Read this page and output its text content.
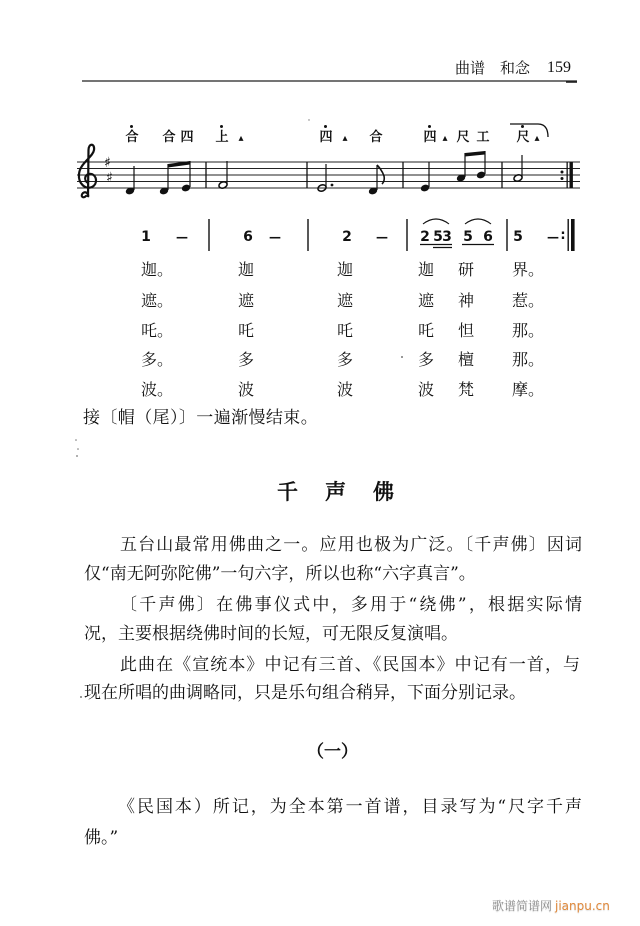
♯
♯
曲谱 和念 159
合 合 四 上 ▴	四 ▴ 合	四 ▴ 尺 工 尺 ▴
1 —	6 —	2 — 2 5 3 5 6 5 — :
迦。	迦	迦	迦 研 界。
遮。	遮	遮	遮 神 惹。
吒。	吒	吒	吒 怛 那。
多。	多	多	多 檀 那。
波。	波	波	波 梵 摩。
接〔帽（尾）〕一遍渐慢结束。
千声佛
五台山最常用佛曲之一。应用也极为广泛。〔千声佛〕因词
仅“南无阿弥陀佛”一句六字，所以也称“六字真言”。
〔千声佛〕在佛事仪式中，多用于“绕佛”，根据实际情
况，主要根据绕佛时间的长短，可无限反复演唱。
此曲在《宣统本》中记有三首、《民国本》中记有一首，与
现在所唱的曲调略同，只是乐句组合稍异，下面分别记录。
（一）
《民国本）所记，为全本第一首谱，目录写为“尺字千声
佛。”
歌谱简谱网 jianpu.cn
